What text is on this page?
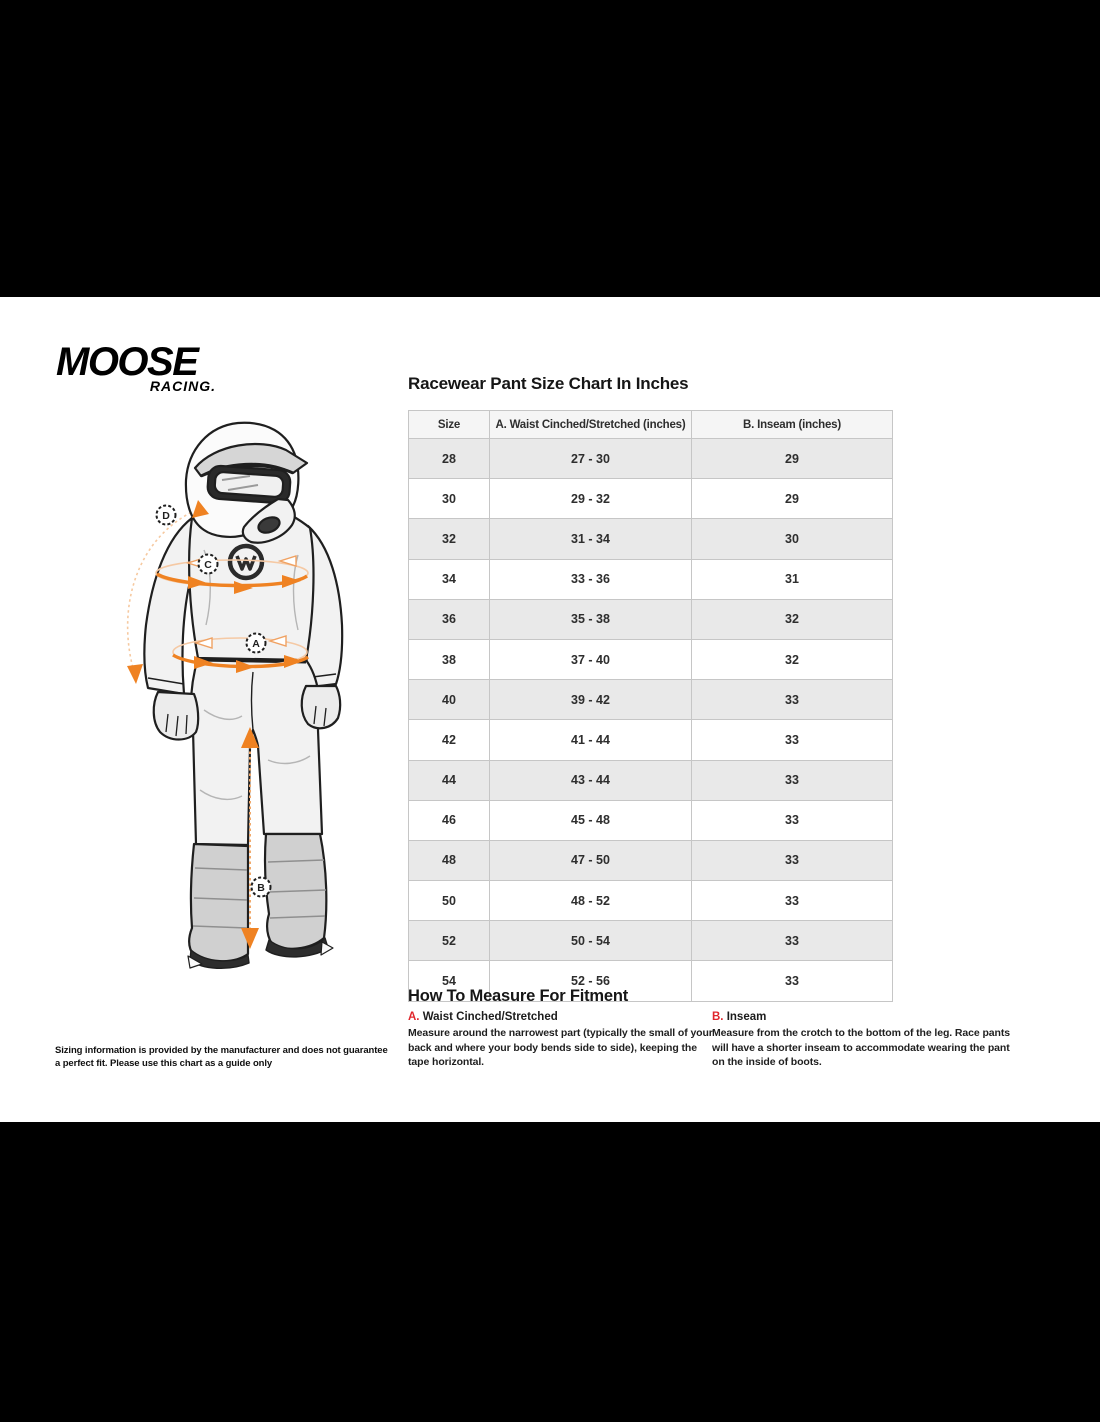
MOOSE
RACING.
D
C
A
B
Racewear Pant Size Chart In Inches
Size	A. Waist Cinched/Stretched (inches)	B. Inseam (inches)
28	27 - 30	29
30	29 - 32	29
32	31 - 34	30
34	33 - 36	31
36	35 - 38	32
38	37 - 40	32
40	39 - 42	33
42	41 - 44	33
44	43 - 44	33
46	45 - 48	33
48	47 - 50	33
50	48 - 52	33
52	50 - 54	33
54	52 - 56	33
How To Measure For Fitment

A. Waist Cinched/Stretched

Measure around the narrowest part (typically the small of your back and where your body bends side to side), keeping the tape horizontal.

B. Inseam

Measure from the crotch to the bottom of the leg. Race pants will have a shorter inseam to accommodate wearing the pant on the inside of boots.

Sizing information is provided by the manufacturer and does not guarantee a perfect fit. Please use this chart as a guide only
